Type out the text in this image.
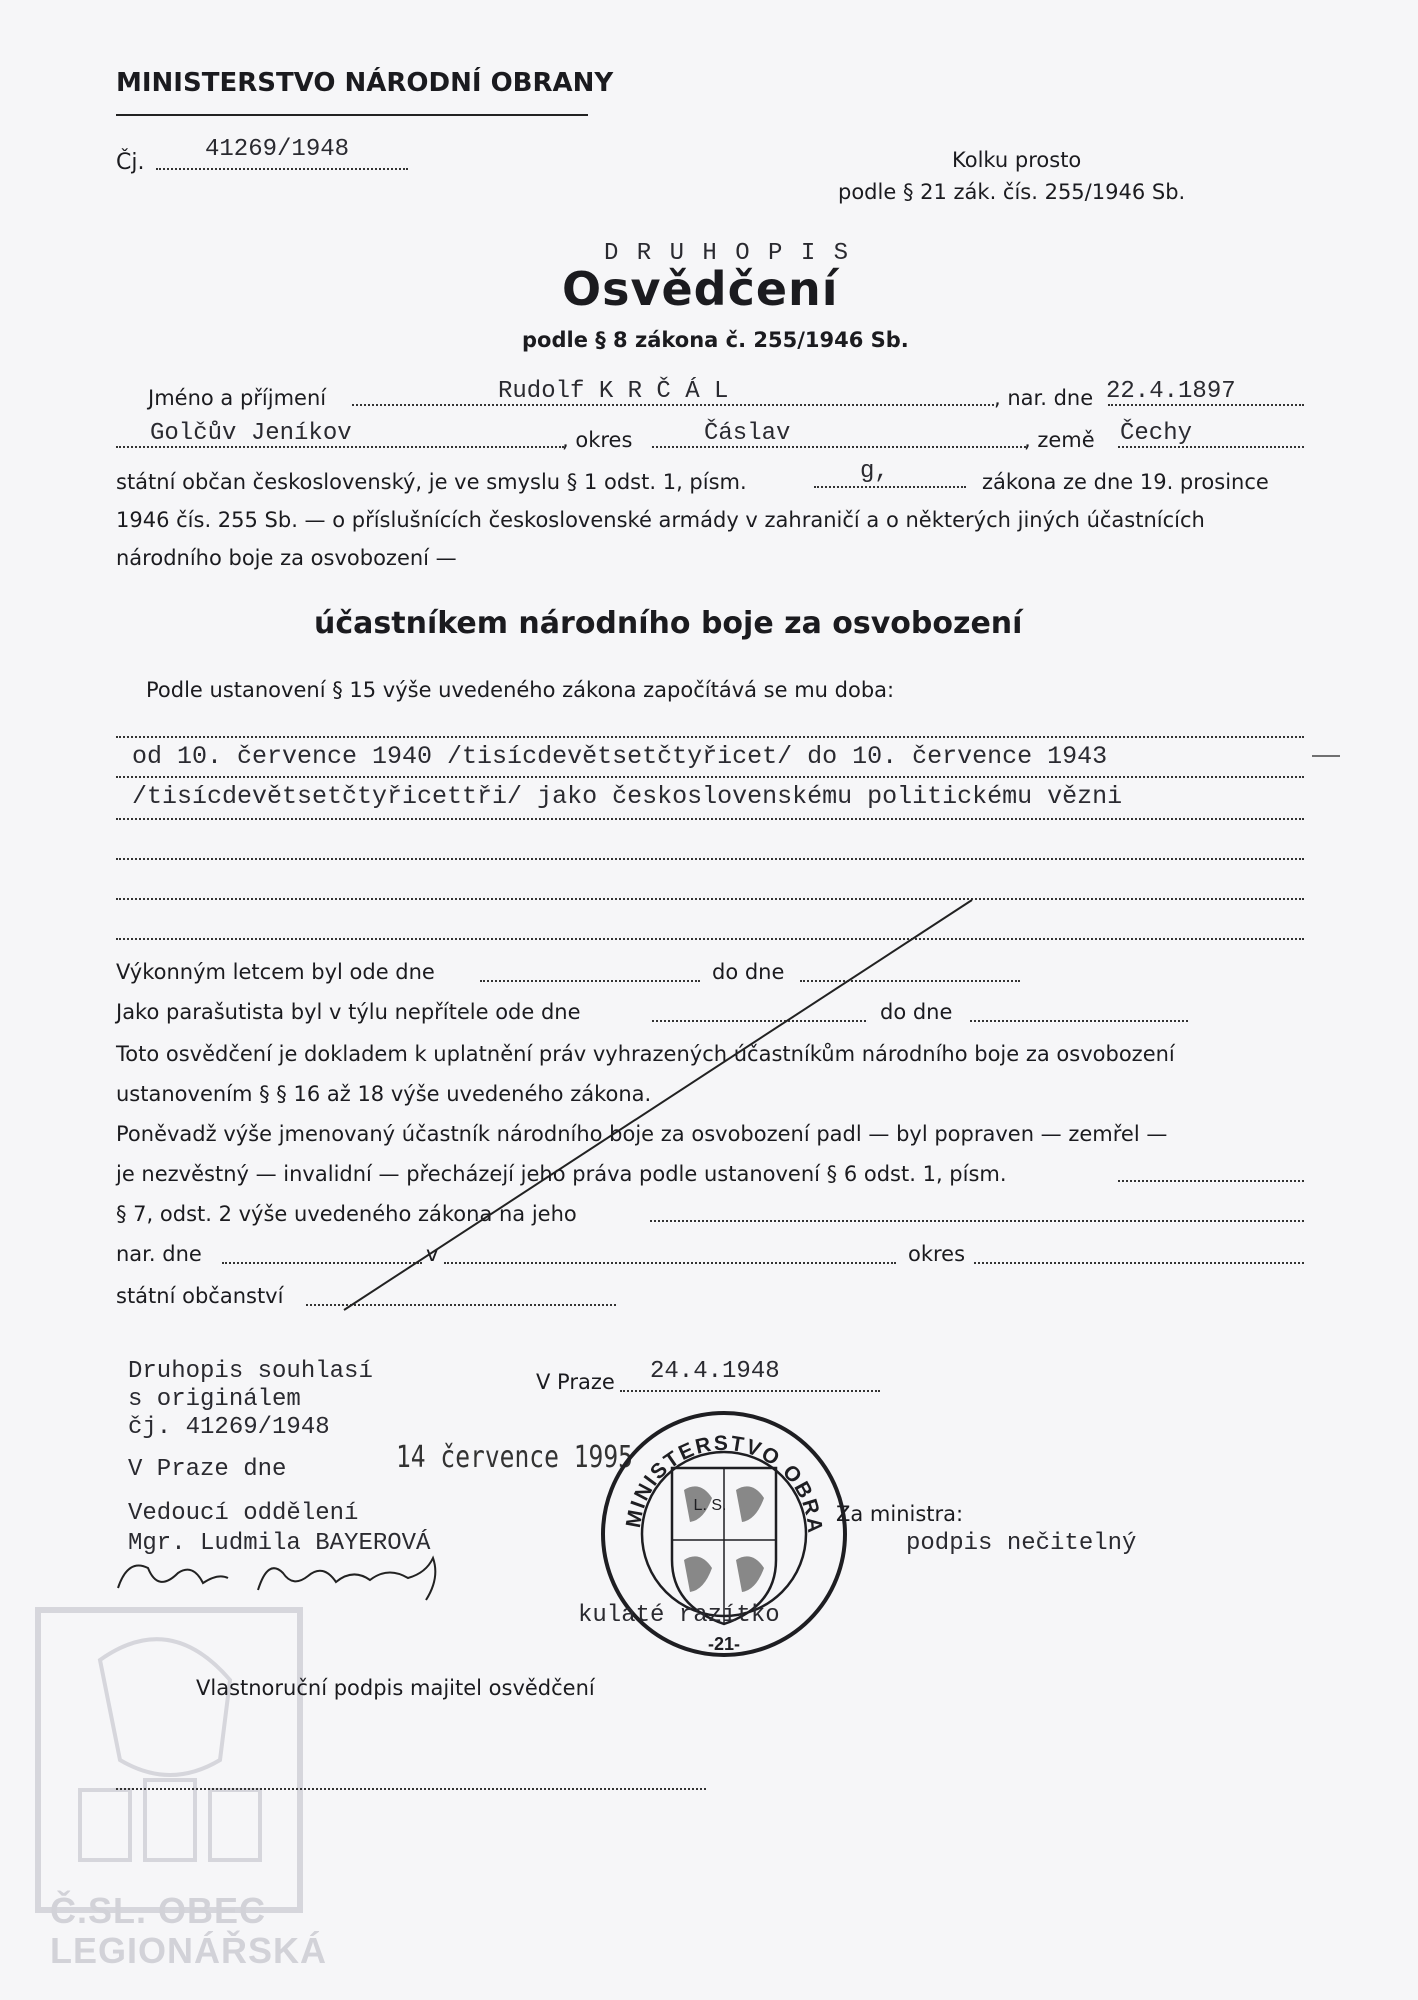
Č.SL. OBEC
LEGIONÁŘSKÁ
MINISTERSTVO NÁRODNÍ OBRANY
Čj.	41269/1948	Kolku prosto
podle § 21 zák. čís. 255/1946 Sb.
D R U H O P I S
Osvědčení
podle § 8 zákona č. 255/1946 Sb.
Jméno a příjmení	Rudolf K R Č Á L	, nar. dne 22.4.1897
Golčův Jeníkov	, okres	Čáslav	, země Čechy
státní občan československý, je ve smyslu § 1 odst. 1, písm.	g,	zákona ze dne 19. prosince
1946 čís. 255 Sb. — o příslušnících československé armády v zahraničí a o některých jiných účastnících
národního boje za osvobození —
účastníkem národního boje za osvobození
Podle ustanovení § 15 výše uvedeného zákona započítává se mu doba:
od 10. července 1940 /tisícdevětsetčtyřicet/ do 10. července 1943
/tisícdevětsetčtyřicettři/ jako československému politickému vězni
Výkonným letcem byl ode dne	do dne
Jako parašutista byl v týlu nepřítele ode dne	do dne
Toto osvědčení je dokladem k uplatnění práv vyhrazených účastníkům národního boje za osvobození
ustanovením § § 16 až 18 výše uvedeného zákona.
Poněvadž výše jmenovaný účastník národního boje za osvobození padl — byl popraven — zemřel —
je nezvěstný — invalidní — přecházejí jeho práva podle ustanovení § 6 odst. 1, písm.
§ 7, odst. 2 výše uvedeného zákona na jeho
nar. dne	v	okres
státní občanství
Druhopis souhlasí
s originálem
čj. 41269/1948
V Praze dne	14 července 1995
Vedoucí oddělení
Mgr. Ludmila BAYEROVÁ
V Praze 24.4.1948
Za ministra:
podpis nečitelný
MINISTERSTVO OBRA
-21-
L. S.
kulaté razítko
Vlastnoruční podpis majitel osvědčení
